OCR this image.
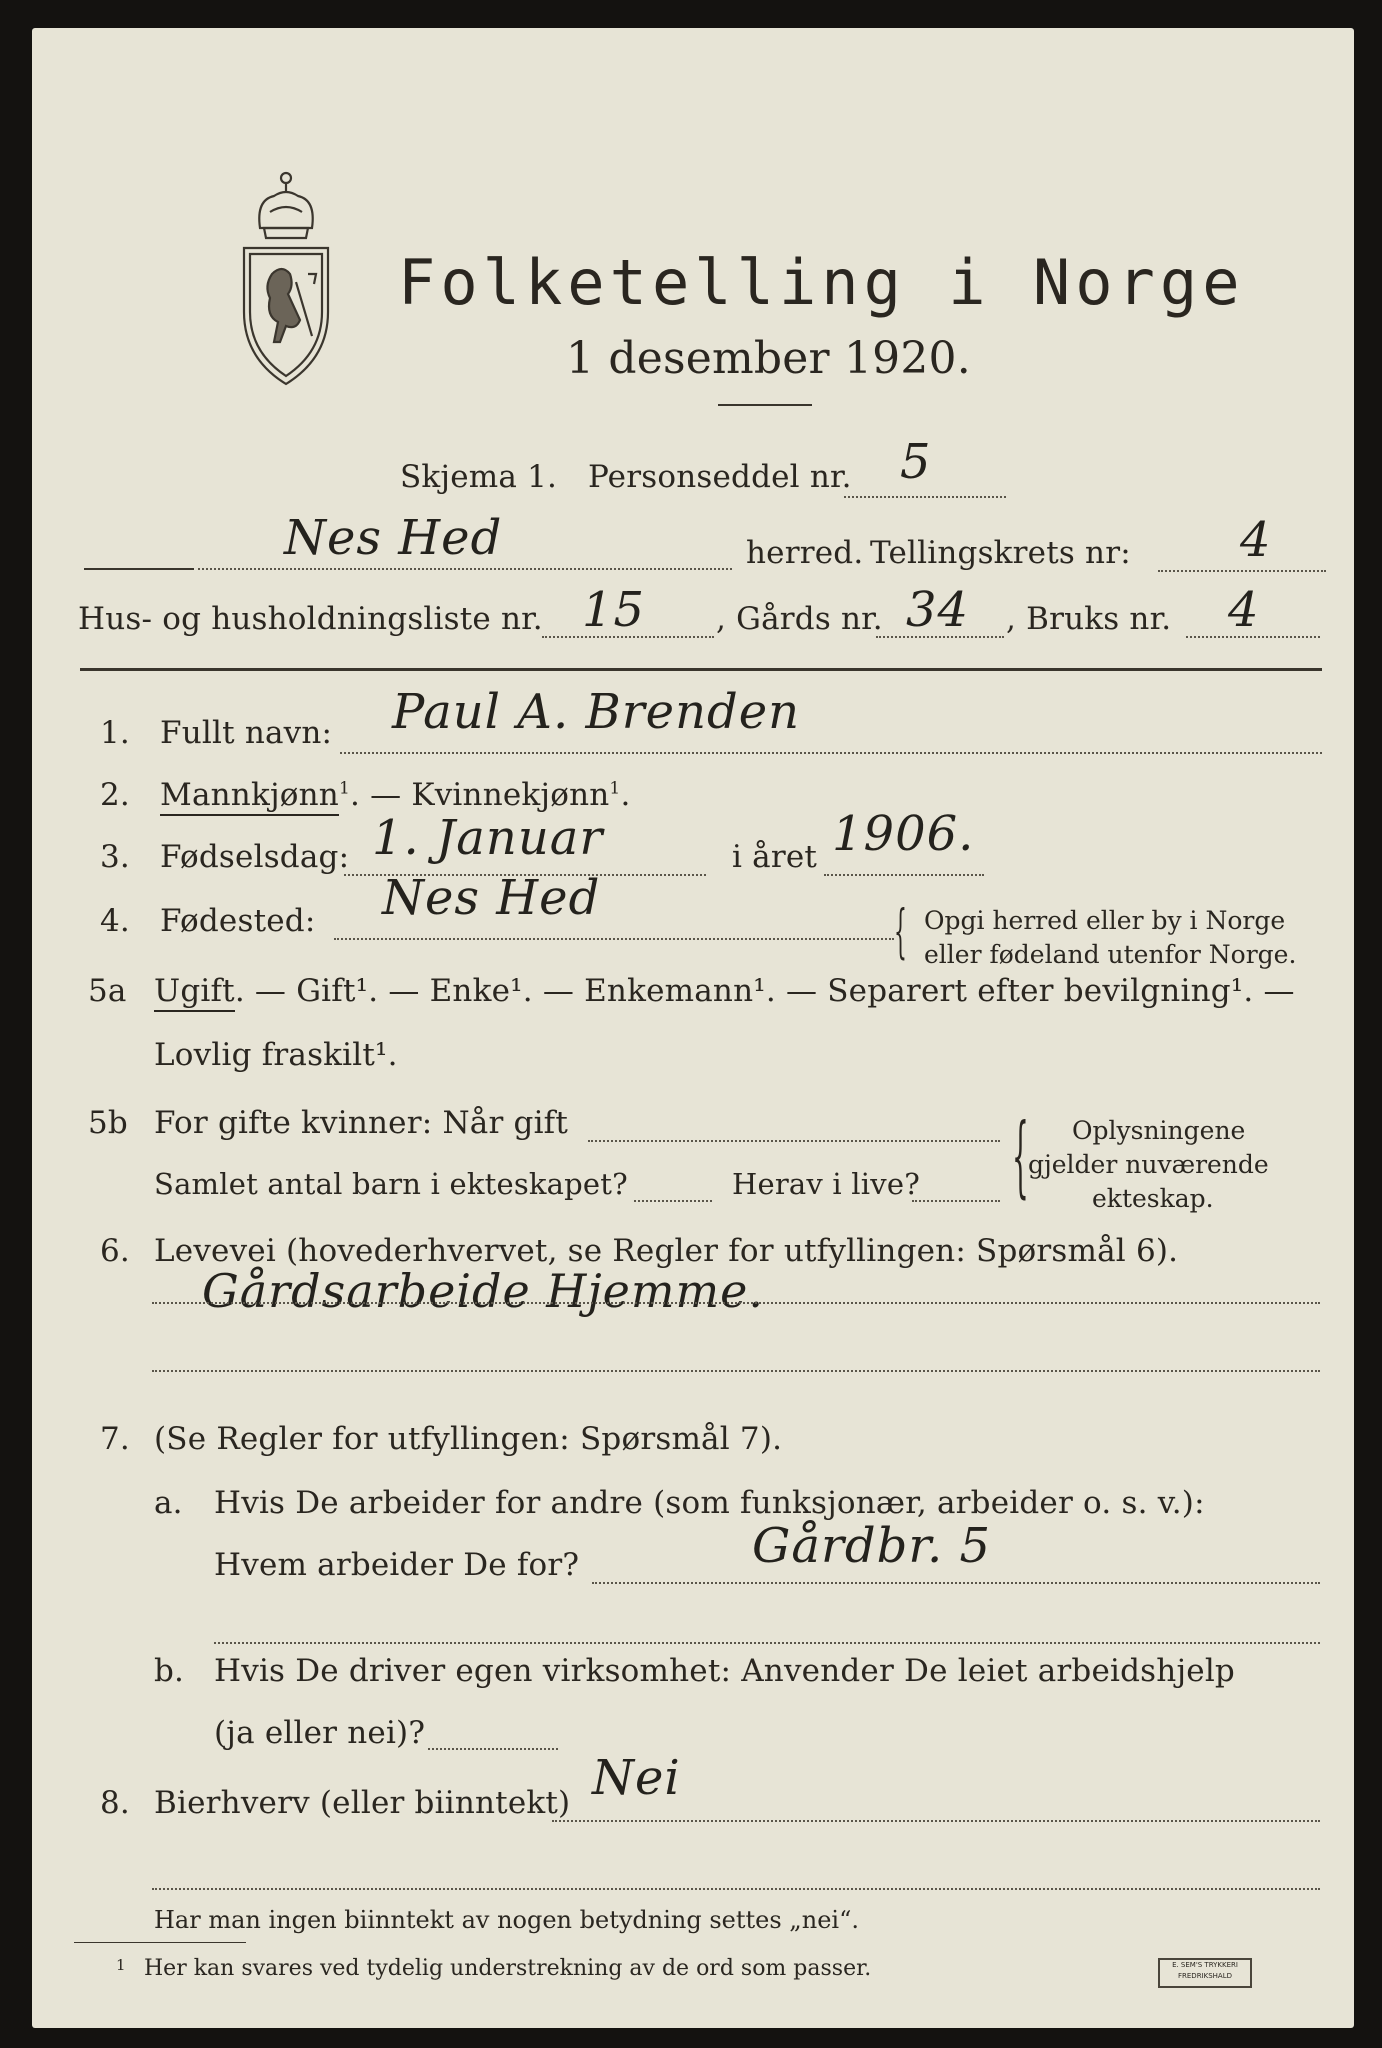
Folketelling i Norge
1 desember 1920.
Skjema 1. Personseddel nr. 5
Nes Hed	herred. Tellingskrets nr: 4
Hus- og husholdningsliste nr. 15 , Gårds nr. 34 , Bruks nr. 4
1. Fullt navn: Paul A. Brenden
2. Mannkjønn$^1$. — Kvinnekjønn$^1$.
3. Fødselsdag: 1. Januar	i året 1906.
4. Fødested: Nes Hed	{ Opgi herred eller by i Norge
eller fødeland utenfor Norge.
5a Ugift. — Gift¹. — Enke¹. — Enkemann¹. — Separert efter bevilgning¹. —
Lovlig fraskilt¹.
5b For gifte kvinner: Når gift
Samlet antal barn i ekteskapet?	Herav i live? { Oplysningene
gjelder nuværende
ekteskap.
6. Levevei (hovederhvervet, se Regler for utfyllingen: Spørsmål 6).
Gårdsarbeide Hjemme.
7. (Se Regler for utfyllingen: Spørsmål 7).
a. Hvis De arbeider for andre (som funksjonær, arbeider o. s. v.):
Hvem arbeider De for?	Gårdbr. 5
b. Hvis De driver egen virksomhet: Anvender De leiet arbeidshjelp
(ja eller nei)?
8. Bierhverv (eller biinntekt) Nei
Har man ingen biinntekt av nogen betydning settes „nei“.
1 Her kan svares ved tydelig understrekning av de ord som passer.	E. SEM'S TRYKKERI
FREDRIKSHALD
